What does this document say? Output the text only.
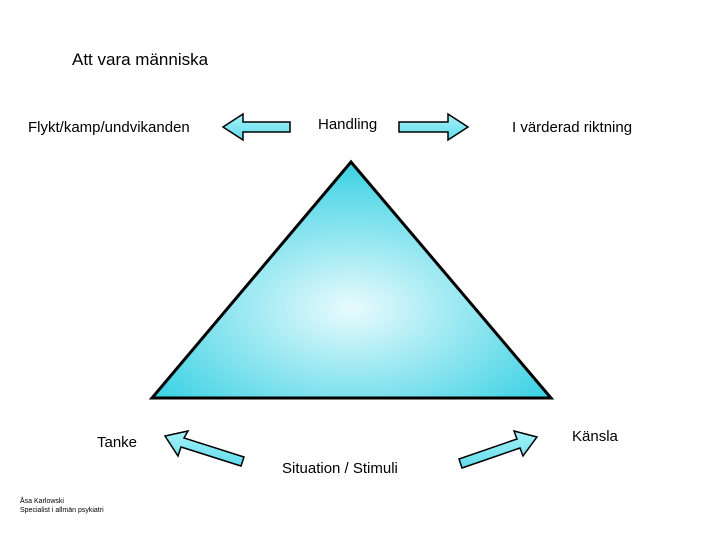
Att vara människa
Flykt/kamp/undvikanden	Handling	I värderad riktning
Tanke	Känsla
Situation / Stimuli
Åsa Karlowski
Specialist i allmän psykiatri
